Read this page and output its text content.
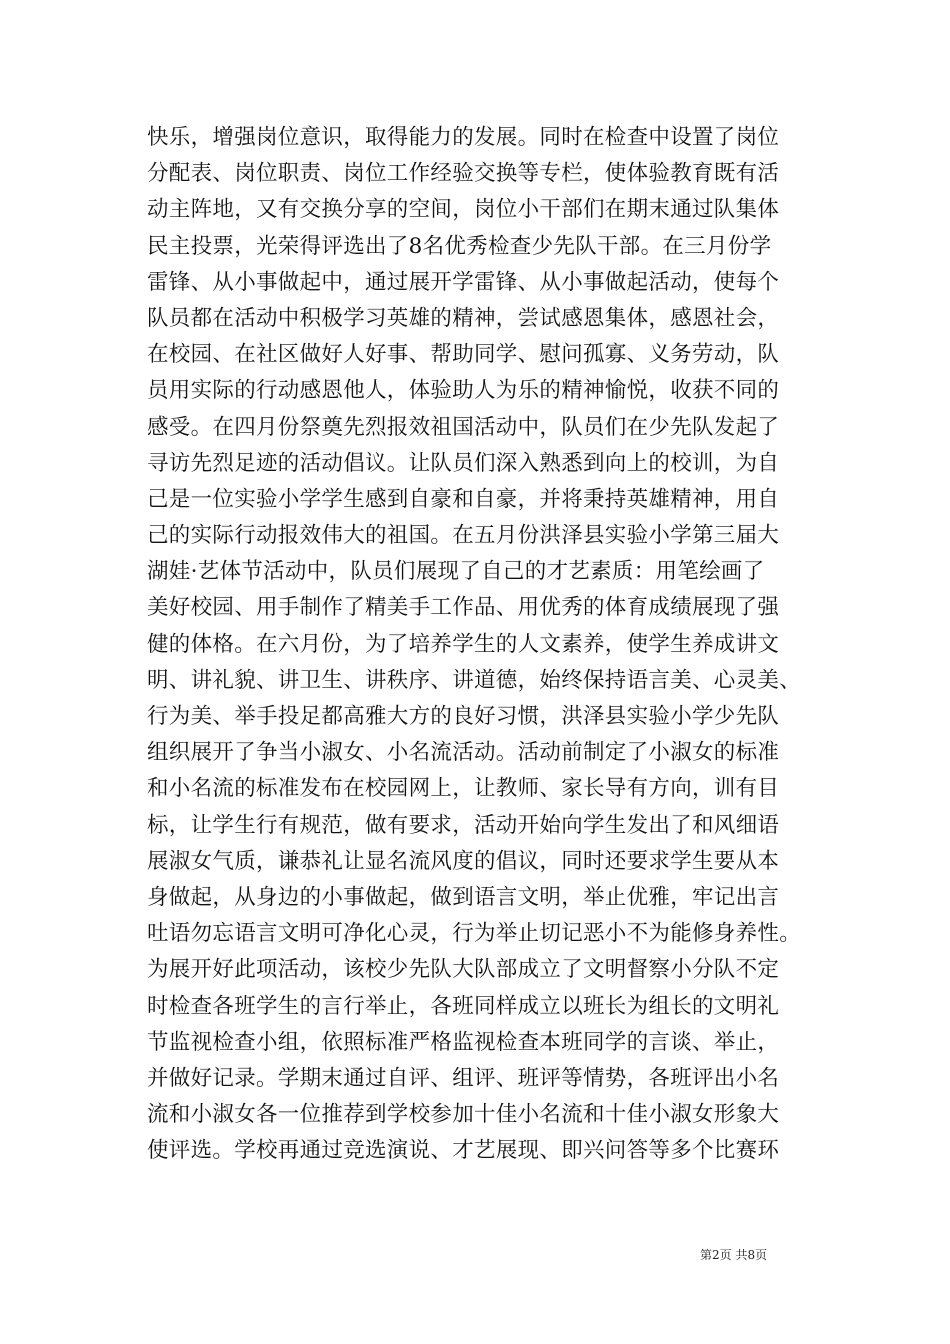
快乐，增强岗位意识，取得能力的发展。同时在检查中设置了岗位
分配表、岗位职责、岗位工作经验交换等专栏，使体验教育既有活
动主阵地，又有交换分享的空间，岗位小干部们在期末通过队集体
民主投票，光荣得评选出了8名优秀检查少先队干部。在三月份学
雷锋、从小事做起中，通过展开学雷锋、从小事做起活动，使每个
队员都在活动中积极学习英雄的精神，尝试感恩集体，感恩社会，
在校园、在社区做好人好事、帮助同学、慰问孤寡、义务劳动，队
员用实际的行动感恩他人，体验助人为乐的精神愉悦，收获不同的
感受。在四月份祭奠先烈报效祖国活动中，队员们在少先队发起了
寻访先烈足迹的活动倡议。让队员们深入熟悉到向上的校训，为自
己是一位实验小学学生感到自豪和自豪，并将秉持英雄精神，用自
己的实际行动报效伟大的祖国。在五月份洪泽县实验小学第三届大
湖娃·艺体节活动中，队员们展现了自己的才艺素质：用笔绘画了
美好校园、用手制作了精美手工作品、用优秀的体育成绩展现了强
健的体格。在六月份，为了培养学生的人文素养，使学生养成讲文
明、讲礼貌、讲卫生、讲秩序、讲道德，始终保持语言美、心灵美、
行为美、举手投足都高雅大方的良好习惯，洪泽县实验小学少先队
组织展开了争当小淑女、小名流活动。活动前制定了小淑女的标准
和小名流的标准发布在校园网上，让教师、家长导有方向，训有目
标，让学生行有规范，做有要求，活动开始向学生发出了和风细语
展淑女气质，谦恭礼让显名流风度的倡议，同时还要求学生要从本
身做起，从身边的小事做起，做到语言文明，举止优雅，牢记出言
吐语勿忘语言文明可净化心灵，行为举止切记恶小不为能修身养性。
为展开好此项活动，该校少先队大队部成立了文明督察小分队不定
时检查各班学生的言行举止，各班同样成立以班长为组长的文明礼
节监视检查小组，依照标准严格监视检查本班同学的言谈、举止，
并做好记录。学期末通过自评、组评、班评等情势，各班评出小名
流和小淑女各一位推荐到学校参加十佳小名流和十佳小淑女形象大
使评选。学校再通过竞选演说、才艺展现、即兴问答等多个比赛环
第2页 共8页
